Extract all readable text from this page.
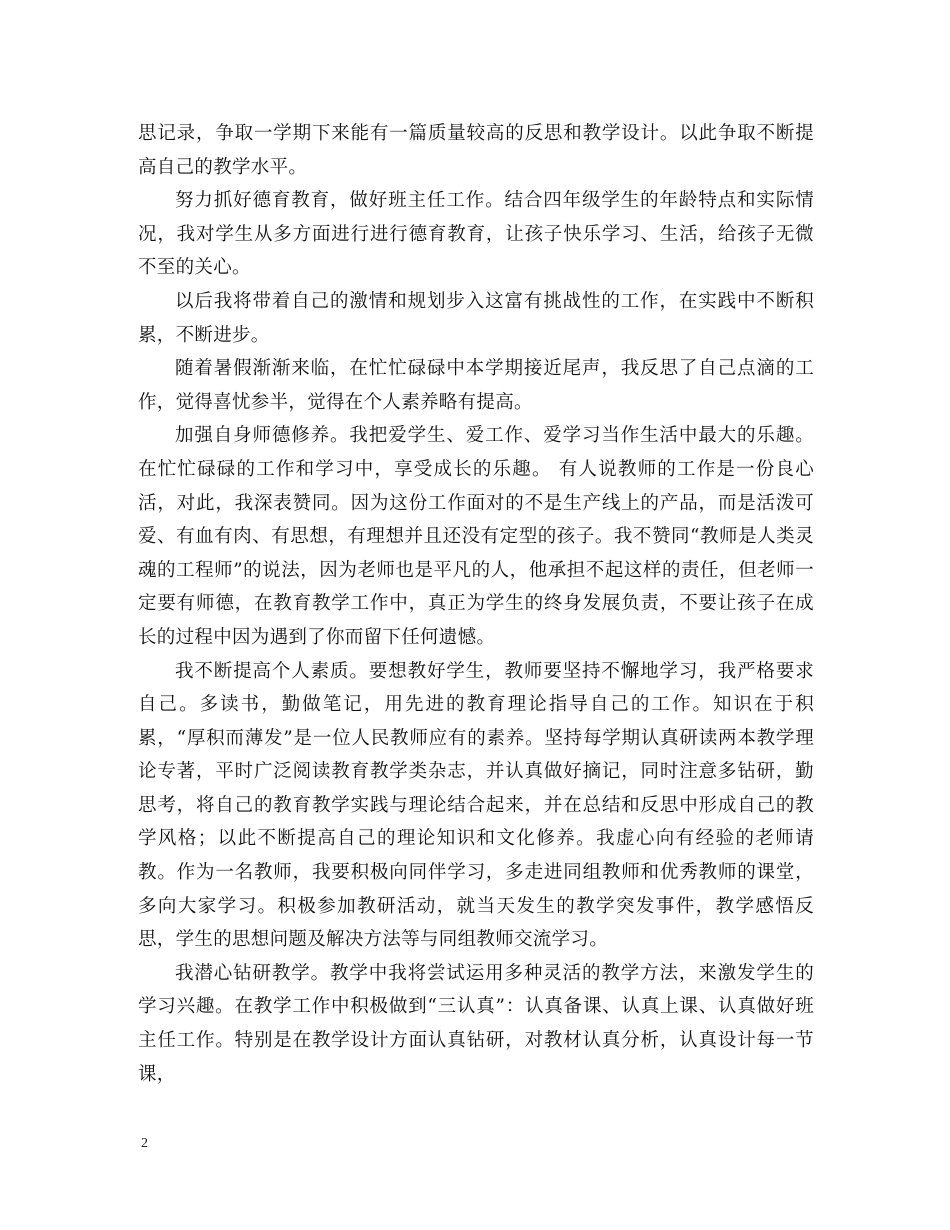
思记录，争取一学期下来能有一篇质量较高的反思和教学设计。以此争取不断提高自己的教学水平。

努力抓好德育教育，做好班主任工作。结合四年级学生的年龄特点和实际情况，我对学生从多方面进行进行德育教育，让孩子快乐学习、生活，给孩子无微不至的关心。

以后我将带着自己的激情和规划步入这富有挑战性的工作，在实践中不断积累，不断进步。

随着暑假渐渐来临，在忙忙碌碌中本学期接近尾声，我反思了自己点滴的工作，觉得喜忧参半，觉得在个人素养略有提高。

加强自身师德修养。我把爱学生、爱工作、爱学习当作生活中最大的乐趣。在忙忙碌碌的工作和学习中，享受成长的乐趣。 有人说教师的工作是一份良心活，对此，我深表赞同。因为这份工作面对的不是生产线上的产品，而是活泼可爱、有血有肉、有思想，有理想并且还没有定型的孩子。我不赞同“教师是人类灵魂的工程师”的说法，因为老师也是平凡的人，他承担不起这样的责任，但老师一定要有师德，在教育教学工作中，真正为学生的终身发展负责，不要让孩子在成长的过程中因为遇到了你而留下任何遗憾。

我不断提高个人素质。要想教好学生，教师要坚持不懈地学习，我严格要求自己。多读书，勤做笔记，用先进的教育理论指导自己的工作。知识在于积累，“厚积而薄发”是一位人民教师应有的素养。坚持每学期认真研读两本教学理论专著，平时广泛阅读教育教学类杂志，并认真做好摘记，同时注意多钻研，勤思考，将自己的教育教学实践与理论结合起来，并在总结和反思中形成自己的教学风格；以此不断提高自己的理论知识和文化修养。我虚心向有经验的老师请教。作为一名教师，我要积极向同伴学习，多走进同组教师和优秀教师的课堂，多向大家学习。积极参加教研活动，就当天发生的教学突发事件，教学感悟反思，学生的思想问题及解决方法等与同组教师交流学习。

我潜心钻研教学。教学中我将尝试运用多种灵活的教学方法，来激发学生的学习兴趣。在教学工作中积极做到“三认真”：认真备课、认真上课、认真做好班主任工作。特别是在教学设计方面认真钻研，对教材认真分析，认真设计每一节课，

2
